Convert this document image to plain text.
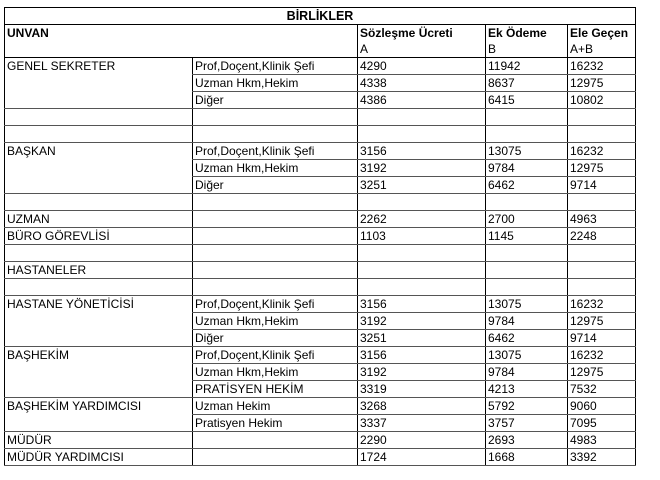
BİRLİKLER				
UNVAN		Sözleşme Ücreti	Ek Ödeme	Ele Geçen
		A	B	A+B
GENEL SEKRETER	Prof,Doçent,Klinik Şefi	4290	11942	16232
	Uzman Hkm,Hekim	4338	8637	12975
	Diğer	4386	6415	10802

BAŞKAN	Prof,Doçent,Klinik Şefi	3156	13075	16232
	Uzman Hkm,Hekim	3192	9784	12975
	Diğer	3251	6462	9714

UZMAN		2262	2700	4963
BÜRO GÖREVLİSİ		1103	1145	2248

HASTANELER				

HASTANE YÖNETİCİSİ	Prof,Doçent,Klinik Şefi	3156	13075	16232
	Uzman Hkm,Hekim	3192	9784	12975
	Diğer	3251	6462	9714
BAŞHEKİM	Prof,Doçent,Klinik Şefi	3156	13075	16232
	Uzman Hkm,Hekim	3192	9784	12975
	PRATİSYEN HEKİM	3319	4213	7532
BAŞHEKİM YARDIMCISI	Uzman Hekim	3268	5792	9060
	Pratisyen Hekim	3337	3757	7095
MÜDÜR		2290	2693	4983
MÜDÜR YARDIMCISI		1724	1668	3392
